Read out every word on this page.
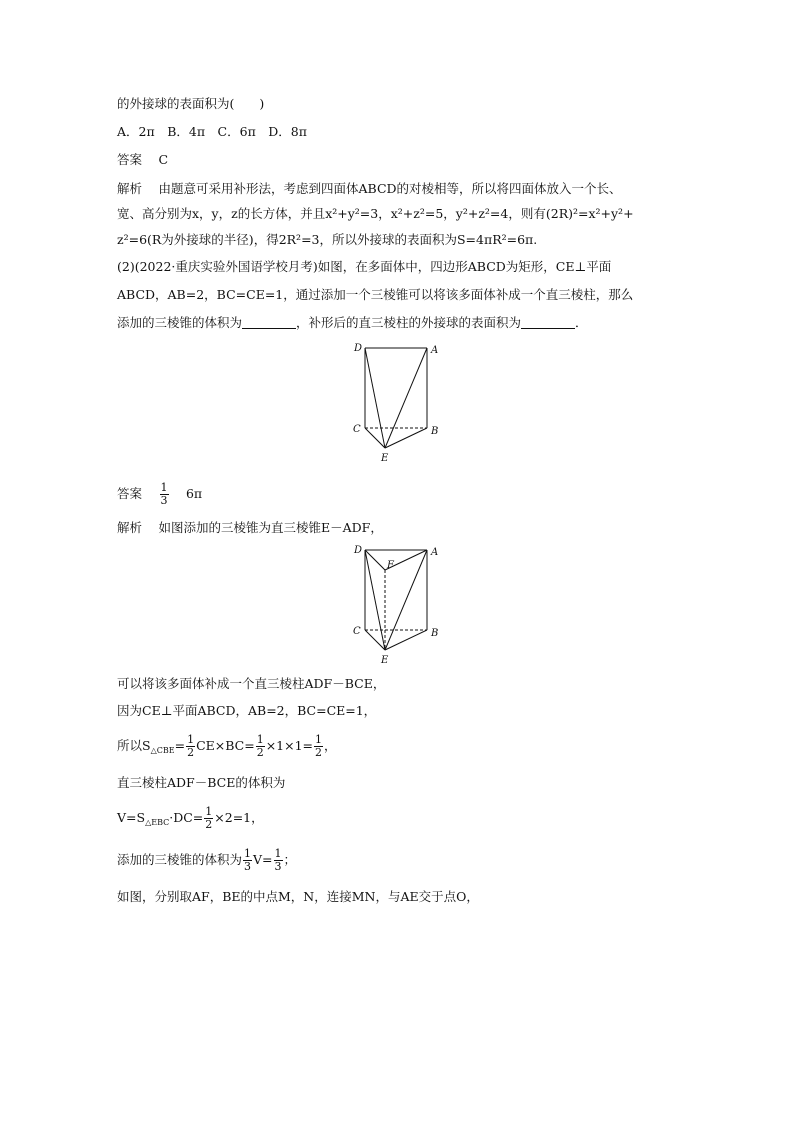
的外接球的表面积为(　　)
A．2π　B．4π　C．6π　D．8π
答案　 C
解析　 由题意可采用补形法，考虑到四面体ABCD的对棱相等，所以将四面体放入一个长、
宽、高分别为x，y，z的长方体，并且x²+y²=3，x²+z²=5，y²+z²=4，则有(2R)²=x²+y²+
z²=6(R为外接球的半径)，得2R²=3，所以外接球的表面积为S=4πR²=6π.
(2)(2022·重庆实验外国语学校月考)如图，在多面体中，四边形ABCD为矩形，CE⊥平面
ABCD，AB=2，BC=CE=1，通过添加一个三棱锥可以将该多面体补成一个直三棱柱，那么
添加的三棱锥的体积为	，补形后的直三棱柱的外接球的表面积为	．
D	A
C	B
E
答案　 $\frac{1}{3}$
　 6π
解析　 如图添加的三棱锥为直三棱锥E－ADF，
D	A
F
C	B
E
可以将该多面体补成一个直三棱柱ADF－BCE，
因为CE⊥平面ABCD，AB=2，BC=CE=1，
所以$S_{\triangle CBE}= \frac{1}{2} CE\times BC= \frac{1}{2} \times 1\times 1= \frac{1}{2}$ ，
直三棱柱ADF－BCE的体积为
$V=S_{\triangle EBC}\cdot DC= \frac{1}{2} \times 2=1$，
添加的三棱锥的体积为 $\frac{1}{3} V= \frac{1}{3}$ ；
如图，分别取AF，BE的中点M，N，连接MN，与AE交于点O，
